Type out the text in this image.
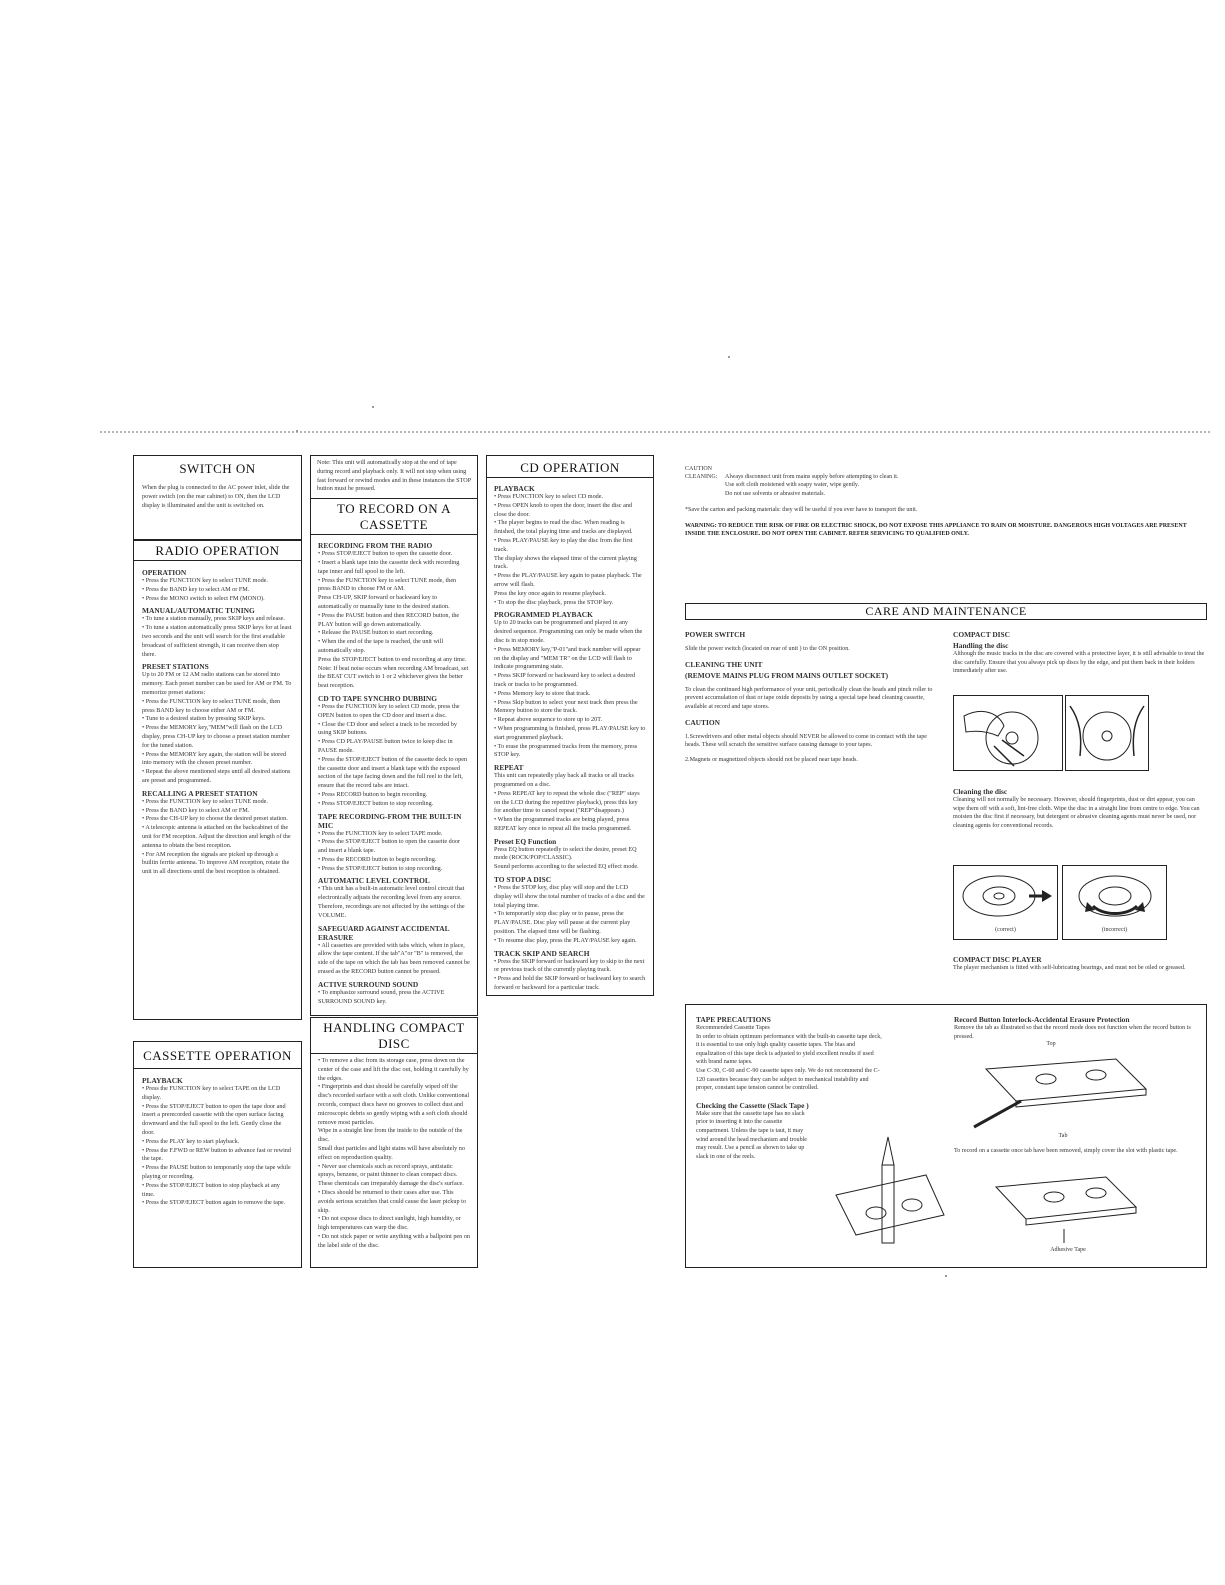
SWITCH ON
When the plug is connected to the AC power inlet, slide the power switch (on the rear cabinet) to ON, then the LCD display is illuminated and the unit is switched on.
RADIO OPERATION
OPERATION

• Press the FUNCTION key to select TUNE mode.

• Press the BAND key to select AM or FM.

• Press the MONO switch to select FM (MONO).

MANUAL/AUTOMATIC TUNING

• To tune a station manually, press SKIP keys and release.

• To tune a station automatically press SKIP keys for at least two seconds and the unit will search for the first available broadcast of sufficient strength, it can receive then stop there.

PRESET STATIONS

Up to 20 FM or 12 AM radio stations can be stored into memory. Each preset number can be used for AM or FM. To memorize preset stations:

• Press the FUNCTION key to select TUNE mode, then press BAND key to choose either AM or FM.

• Tune to a desired station by pressing SKIP keys.

• Press the MEMORY key,"MEM"will flash on the LCD display, press CH-UP key to choose a preset station number for the tuned station.

• Press the MEMORY key again, the station will be stored into memory with the chosen preset number.

• Repeat the above mentioned steps until all desired stations are preset and programmed.

RECALLING A PRESET STATION

• Press the FUNCTION key to select TUNE mode.

• Press the BAND key to select AM or FM.

• Press the CH-UP key to choose the desired preset station.

• A telescopic antenna is attached on the backcabinet of the unit for FM reception. Adjust the direction and length of the antenna to obtain the best reception.

• For AM reception the signals are picked up through a builtin ferrite antenna. To improve AM reception, rotate the unit in all directions until the best reception is obtained.

CASSETTE OPERATION
PLAYBACK

• Press the FUNCTION key to select TAPE on the LCD display.

• Press the STOP/EJECT button to open the tape door and insert a prerecorded cassette with the open surface facing downward and the full spool to the left. Gently close the door.

• Press the PLAY key to start playback.

• Press the F.FWD or REW button to advance fast or rewind the tape.

• Press the PAUSE button to temporarily stop the tape while playing or recording.

• Press the STOP/EJECT button to stop playback at any time.

• Press the STOP/EJECT button again to remove the tape.

Note: This unit will automatically stop at the end of tape during record and playback only. It will not stop when using fast forward or rewind modes and in these instances the STOP button must be pressed.
TO RECORD ON A CASSETTE
RECORDING FROM THE RADIO

• Press STOP/EJECT button to open the cassette door.

• Insert a blank tape into the cassette deck with recording tape inner and full spool to the left.

• Press the FUNCTION key to select TUNE mode, then press BAND to choose FM or AM.

Press CH-UP, SKIP forward or backward key to automatically or manually tune to the desired station.

• Press the PAUSE button and then RECORD button, the PLAY button will go down automatically.

• Release the PAUSE button to start recording.

• When the end of the tape is reached, the unit will automatically stop.

Press the STOP/EJECT button to end recording at any time.

Note: If beat noise occurs when recording AM broadcast, set the BEAT CUT switch to 1 or 2 whichever gives the better beat reception.

CD TO TAPE SYNCHRO DUBBING

• Press the FUNCTION key to select CD mode, press the OPEN button to open the CD door and insert a disc.

• Close the CD door and select a track to be recorded by using SKIP buttons.

• Press CD PLAY/PAUSE button twice to keep disc in PAUSE mode.

• Press the STOP/EJECT button of the cassette deck to open the cassette door and insert a blank tape with the exposed section of the tape facing down and the full reel to the left, ensure that the record tabs are intact.

• Press RECORD button to begin recording.

• Press STOP/EJECT button to stop recording.

TAPE RECORDING-FROM THE BUILT-IN MIC

• Press the FUNCTION key to select TAPE mode.

• Press the STOP/EJECT button to open the cassette door and insert a blank tape.

• Press the RECORD button to begin recording.

• Press the STOP/EJECT button to stop recording.

AUTOMATIC LEVEL CONTROL

• This unit has a built-in automatic level control circuit that electronically adjusts the recording level from any source. Therefore, recordings are not affected by the settings of the VOLUME.

SAFEGUARD AGAINST ACCIDENTAL ERASURE

• All cassettes are provided with tabs which, when in place, allow the tape content. If the tab"A"or "B" is removed, the side of the tape on which the tab has been removed cannot be erased as the RECORD button cannot be pressed.

ACTIVE SURROUND SOUND

• To emphasize surround sound, press the ACTIVE SURROUND SOUND key.

HANDLING COMPACT DISC

• To remove a disc from its storage case, press down on the center of the case and lift the disc out, holding it carefully by the edges.

• Fingerprints and dust should be carefully wiped off the disc's recorded surface with a soft cloth. Unlike conventional records, compact discs have no grooves to collect dust and microscopic debris so gently wiping with a soft cloth should remove most particles.

Wipe in a straight line from the inside to the outside of the disc.

Small dust particles and light stains will have absolutely no effect on reproduction quality.

• Never use chemicals such as record sprays, antistatic sprays, benzene, or paint thinner to clean compact discs. These chemicals can irreparably damage the disc's surface.

• Discs should be returned to their cases after use. This avoids serious scratches that could cause the laser pickup to skip.

• Do not expose discs to direct sunlight, high humidity, or high temperatures can warp the disc.

• Do not stick paper or write anything with a ballpoint pen on the label side of the disc.

CD OPERATION
PLAYBACK

• Press FUNCTION key to select CD mode.

• Press OPEN knob to open the door, insert the disc and close the door.

• The player begins to read the disc. When reading is finished, the total playing time and tracks are displayed.

• Press PLAY/PAUSE key to play the disc from the first track.

The display shows the elapsed time of the current playing track.

• Press the PLAY/PAUSE key again to pause playback. The arrow will flash.

Press the key once again to resume playback.

• To stop the disc playback, press the STOP key.

PROGRAMMED PLAYBACK

Up to 20 tracks can be programmed and played in any desired sequence. Programming can only be made when the disc is in stop mode.

• Press MEMORY key,"P-01"and track number will appear on the display and "MEM TR" on the LCD will flash to indicate programming state.

• Press SKIP forward or backward key to select a desired track or tracks to be programmed.

• Press Memory key to store that track.

• Press Skip button to select your next track then press the Memory button to store the track.

• Repeat above sequence to store up to 20T.

• When programming is finished, press PLAY/PAUSE key to start programmed playback.

• To erase the programmed tracks from the memory, press STOP key.

REPEAT

This unit can repeatedly play back all tracks or all tracks programmed on a disc.

• Press REPEAT key to repeat the whole disc ("REP" stays on the LCD during the repetitive playback), press this key for another time to cancel repeat ("REP"disappears.)

• When the programmed tracks are being played, press REPEAT key once to repeat all the tracks programmed.

Preset EQ Function

Press EQ button repeatedly to select the desire, preset EQ mode (ROCK/POP/CLASSIC).

Sound performs according to the selected EQ effect mode.

TO STOP A DISC

• Press the STOP key, disc play will stop and the LCD display will show the total number of tracks of a disc and the total playing time.

• To temporarily stop disc play or to pause, press the PLAY/PAUSE. Disc play will pause at the current play position. The elapsed time will be flashing.

• To resume disc play, press the PLAY/PAUSE key again.

TRACK SKIP AND SEARCH

• Press the SKIP forward or backward key to skip to the next or previous track of the currently playing track.

• Press and hold the SKIP forward or backward key to search forward or backward for a particular track.

CAUTION
CLEANING:	Always disconnect unit from mains supply before attempting to clean it.
Use soft cloth moistened with soapy water, wipe gently.
Do not use solvents or abrasive materials.
*Save the carton and packing materials: they will be useful if you ever have to transport the unit.
WARNING: TO REDUCE THE RISK OF FIRE OR ELECTRIC SHOCK, DO NOT EXPOSE THIS APPLIANCE TO RAIN OR MOISTURE. DANGEROUS HIGH VOLTAGES ARE PRESENT INSIDE THE ENCLOSURE. DO NOT OPEN THE CABINET. REFER SERVICING TO QUALIFIED ONLY.
CARE AND MAINTENANCE
POWER SWITCH

Slide the power switch (located on rear of unit ) to the ON position.

CLEANING THE UNIT
(REMOVE MAINS PLUG FROM MAINS OUTLET SOCKET)

To clean the continued high performance of your unit, periodically clean the heads and pinch roller to prevent accumulation of dust or tape oxide deposits by using a special tape head cleaning cassette, available at record and tape stores.

CAUTION

1.Screwdrivers and other metal objects should NEVER be allowed to come in contact with the tape heads. These will scratch the sensitive surface causing damage to your tapes.

2.Magnets or magnetized objects should not be placed near tape heads.

COMPACT DISC
Handling the disc
Although the music tracks in the disc are covered with a protective layer, it is still advisable to treat the disc carefully. Ensure that you always pick up discs by the edge, and put them back in their holders immediately after use.
Cleaning the disc
Cleaning will not normally be necessary. However, should fingerprints, dust or dirt appear, you can wipe them off with a soft, lint-free cloth. Wipe the disc in a straight line from centre to edge. You can moisten the disc first if necessary, but detergent or abrasive cleaning agents must never be used, nor cleaning agents for conventional records.
(correct)	(incorrect)
COMPACT DISC PLAYER
The player mechanism is fitted with self-lubricating bearings, and must not be oiled or greased.
TAPE PRECAUTIONS
Recommended Cassette Tapes
In order to obtain optimum performance with the built-in cassette tape deck, it is essential to use only high quality cassette tapes. The bias and equalization of this tape deck is adjusted to yield excellent results if used with brand name tapes.
Use C-30, C-60 and C-90 cassette tapes only. We do not recommend the C-120 cassettes because they can be subject to mechanical instability and proper, constant tape tension cannot be controlled.
Checking the Cassette (Slack Tape )
Make sure that the cassette tape has no slack prior to inserting it into the cassette compartment. Unless the tape is taut, it may wind around the head mechanism and trouble may result. Use a pencil as shown to take up slack in one of the reels.
Record Button Interlock-Accidental Erasure Protection
Remove the tab as illustrated so that the record mode does not function when the record button is pressed.
Top
Tab
To record on a cassette once tab have been removed, simply cover the slot with plastic tape.
Adhesive Tape
